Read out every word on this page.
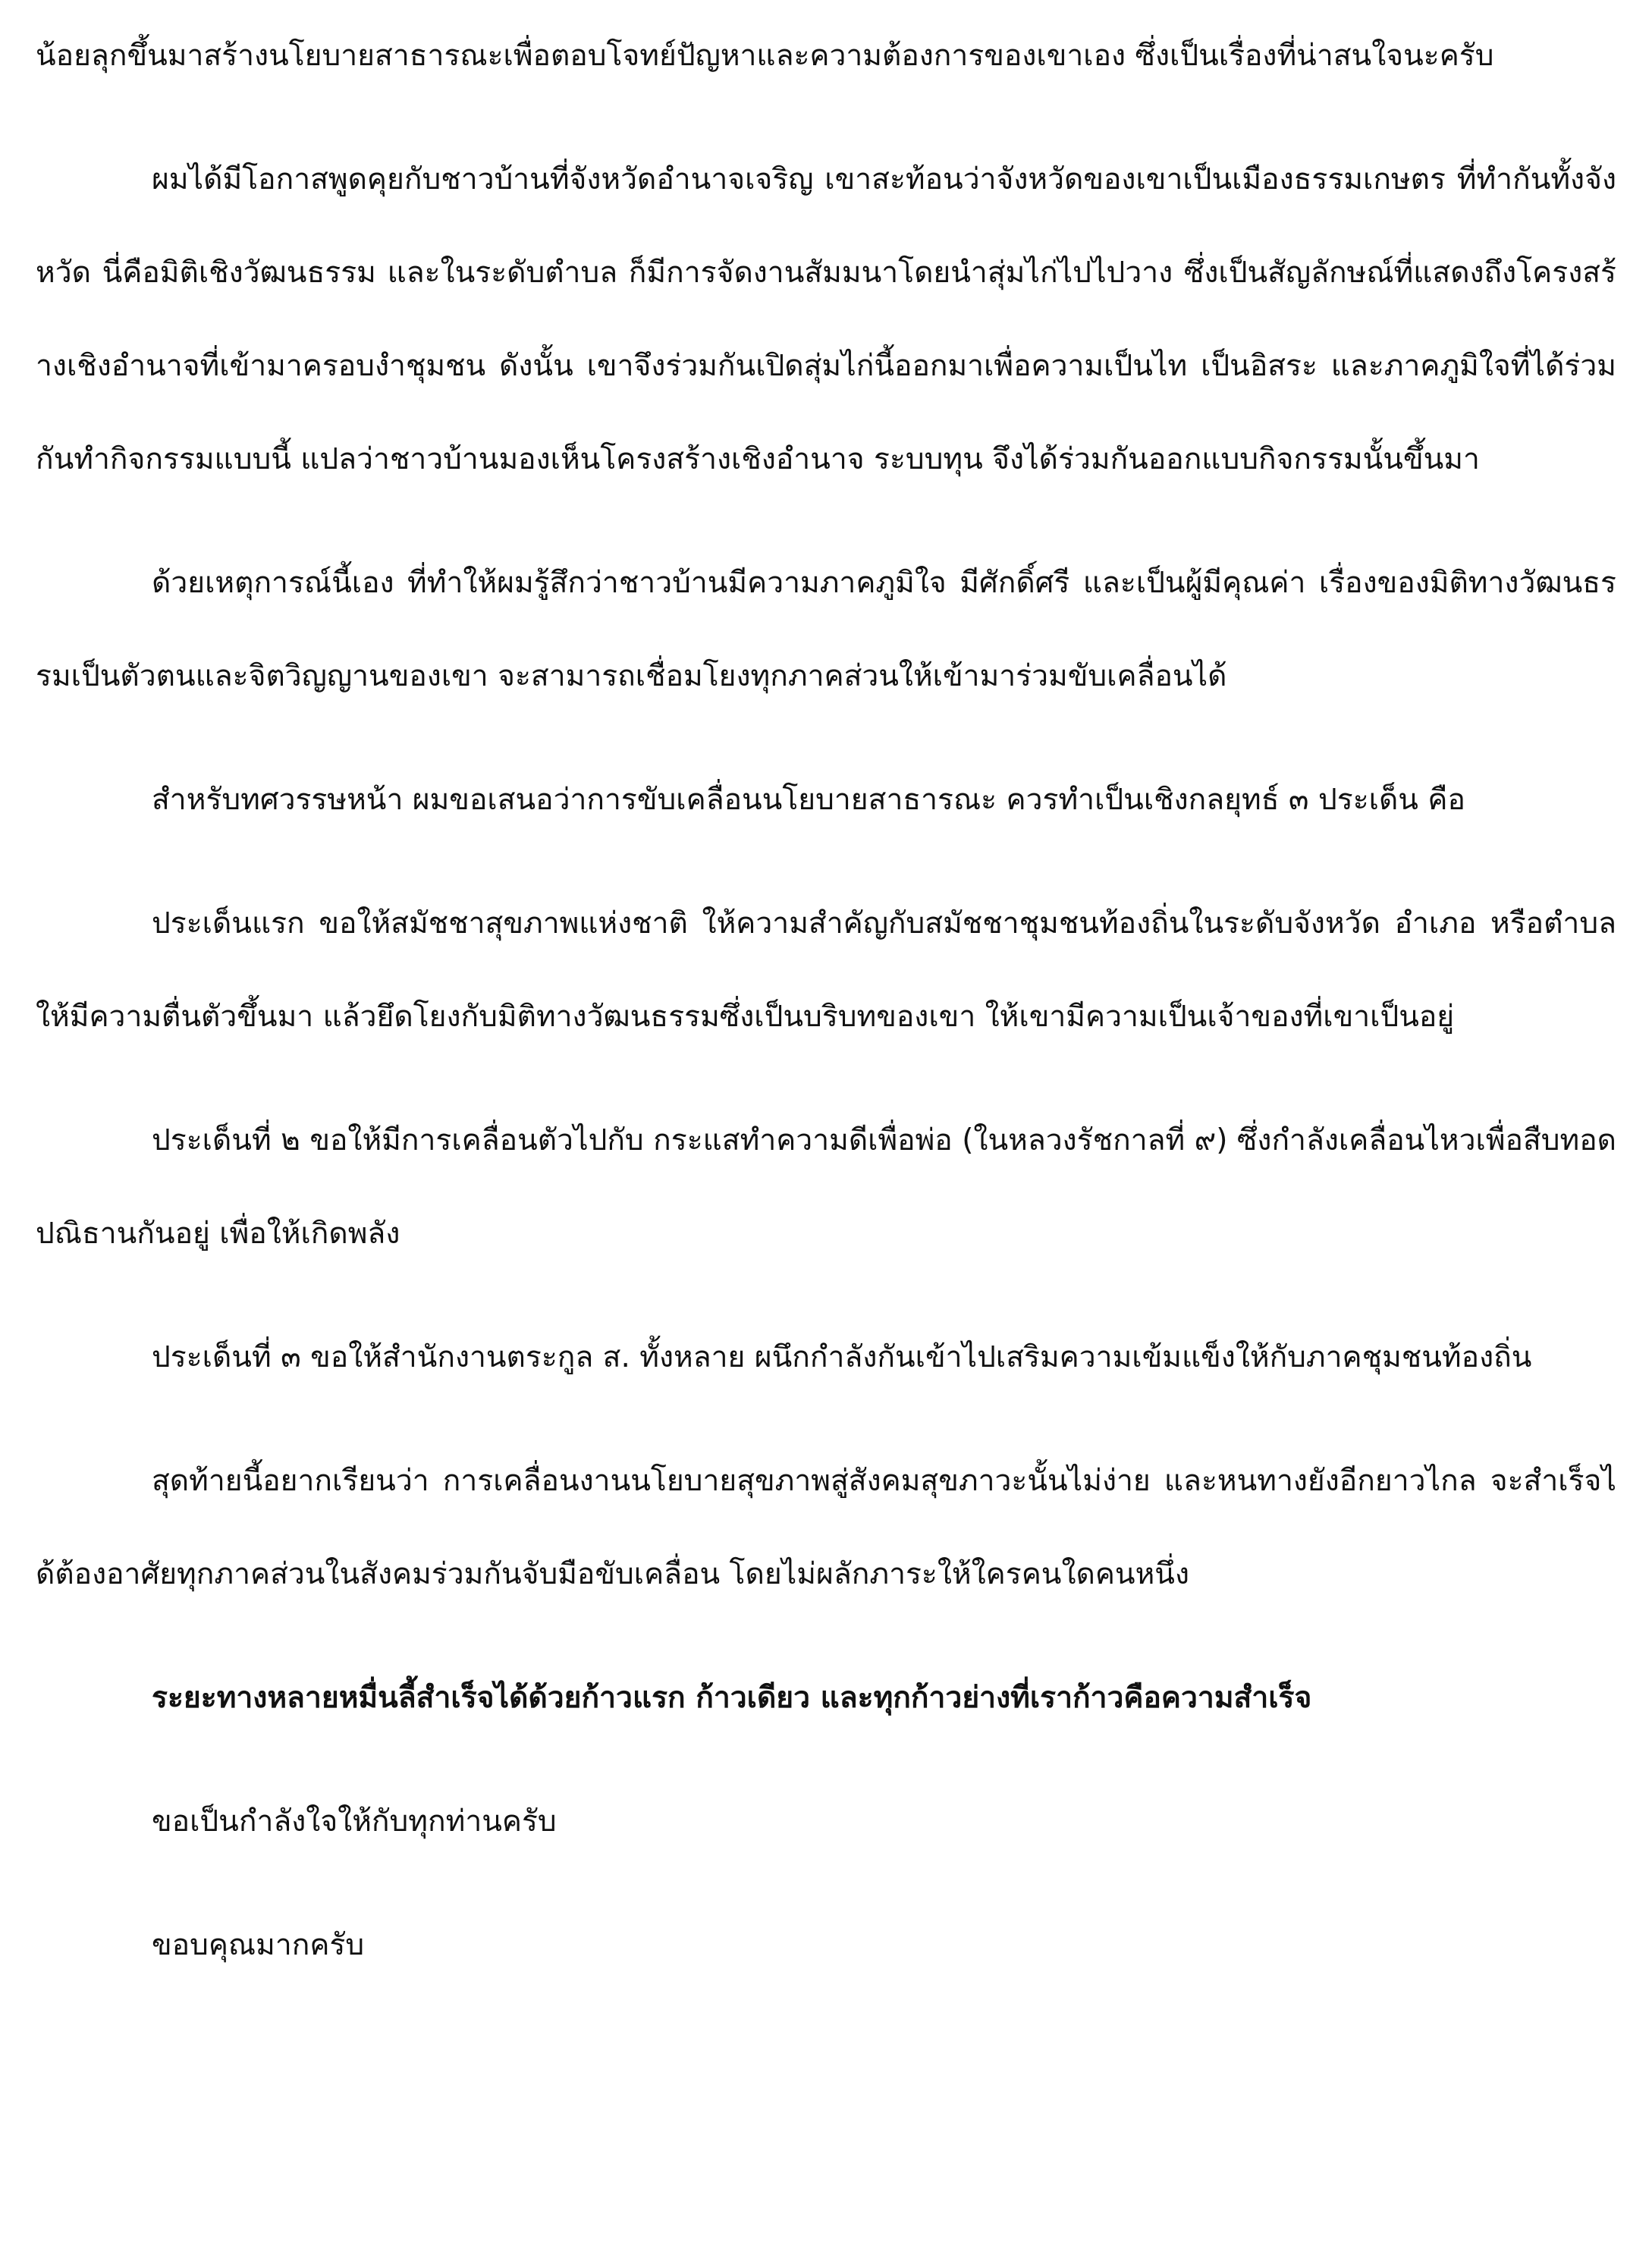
น้อยลุกขึ้นมาสร้างนโยบายสาธารณะเพื่อตอบโจทย์ปัญหาและความต้องการของเขาเอง ซึ่งเป็นเรื่องที่น่าสนใจนะครับ

ผมได้มีโอกาสพูดคุยกับชาวบ้านที่จังหวัดอำนาจเจริญ เขาสะท้อนว่าจังหวัดของเขาเป็นเมืองธรรมเกษตร ที่ทำกันทั้งจังหวัด นี่คือมิติเชิงวัฒนธรรม และในระดับตำบล ก็มีการจัดงานสัมมนาโดยนำสุ่มไก่ไปไปวาง ซึ่งเป็นสัญลักษณ์ที่แสดงถึงโครงสร้างเชิงอำนาจที่เข้ามาครอบงำชุมชน ดังนั้น เขาจึงร่วมกันเปิดสุ่มไก่นี้ออกมาเพื่อความเป็นไท เป็นอิสระ และภาคภูมิใจที่ได้ร่วมกันทำกิจกรรมแบบนี้ แปลว่าชาวบ้านมองเห็นโครงสร้างเชิงอำนาจ ระบบทุน จึงได้ร่วมกันออกแบบกิจกรรมนั้นขึ้นมา

ด้วยเหตุการณ์นี้เอง ที่ทำให้ผมรู้สึกว่าชาวบ้านมีความภาคภูมิใจ มีศักดิ์ศรี และเป็นผู้มีคุณค่า เรื่องของมิติทางวัฒนธรรมเป็นตัวตนและจิตวิญญานของเขา จะสามารถเชื่อมโยงทุกภาคส่วนให้เข้ามาร่วมขับเคลื่อนได้

สำหรับทศวรรษหน้า ผมขอเสนอว่าการขับเคลื่อนนโยบายสาธารณะ ควรทำเป็นเชิงกลยุทธ์ ๓ ประเด็น คือ

ประเด็นแรก ขอให้สมัชชาสุขภาพแห่งชาติ ให้ความสำคัญกับสมัชชาชุมชนท้องถิ่นในระดับจังหวัด อำเภอ หรือตำบล ให้มีความตื่นตัวขึ้นมา แล้วยึดโยงกับมิติทางวัฒนธรรมซึ่งเป็นบริบทของเขา ให้เขามีความเป็นเจ้าของที่เขาเป็นอยู่

ประเด็นที่ ๒ ขอให้มีการเคลื่อนตัวไปกับ กระแสทำความดีเพื่อพ่อ (ในหลวงรัชกาลที่ ๙) ซึ่งกำลังเคลื่อนไหวเพื่อสืบทอดปณิธานกันอยู่ เพื่อให้เกิดพลัง

ประเด็นที่ ๓ ขอให้สำนักงานตระกูล ส. ทั้งหลาย ผนึกกำลังกันเข้าไปเสริมความเข้มแข็งให้กับภาคชุมชนท้องถิ่น

สุดท้ายนี้อยากเรียนว่า การเคลื่อนงานนโยบายสุขภาพสู่สังคมสุขภาวะนั้นไม่ง่าย และหนทางยังอีกยาวไกล จะสำเร็จได้ต้องอาศัยทุกภาคส่วนในสังคมร่วมกันจับมือขับเคลื่อน โดยไม่ผลักภาระให้ใครคนใดคนหนึ่ง

ระยะทางหลายหมื่นลี้สำเร็จได้ด้วยก้าวแรก ก้าวเดียว และทุกก้าวย่างที่เราก้าวคือความสำเร็จ

ขอเป็นกำลังใจให้กับทุกท่านครับ

ขอบคุณมากครับ
